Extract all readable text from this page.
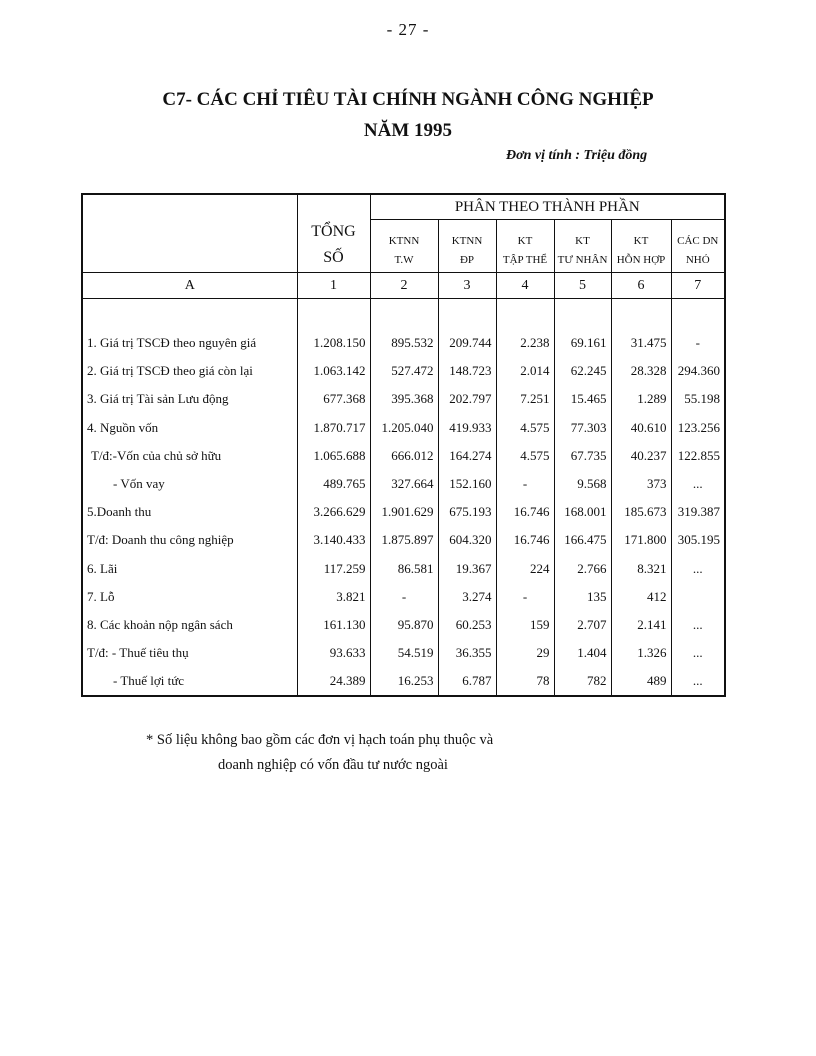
- 27 -
C7- CÁC CHỈ TIÊU TÀI CHÍNH NGÀNH CÔNG NGHIỆP
NĂM 1995
Đơn vị tính : Triệu đồng

	TỔNG
SỐ	PHÂN THEO THÀNH PHẦN					
		KTNN	KTNN	KT	KT	KT	CÁC DN
		T.W	ĐP	TẬP THỂ	TƯ NHÂN	HỖN HỢP	NHỎ
A	1	2	3	4	5	6	7

1. Giá trị TSCĐ theo nguyên giá	1.208.150	895.532	209.744	2.238	69.161	31.475	-
2. Giá trị TSCĐ theo giá còn lại	1.063.142	527.472	148.723	2.014	62.245	28.328	294.360
3. Giá trị Tài sản Lưu động	677.368	395.368	202.797	7.251	15.465	1.289	55.198
4. Nguồn vốn	1.870.717	1.205.040	419.933	4.575	77.303	40.610	123.256
T/đ:-Vốn của chủ sở hữu	1.065.688	666.012	164.274	4.575	67.735	40.237	122.855
- Vốn vay	489.765	327.664	152.160	-	9.568	373	...
5.Doanh thu	3.266.629	1.901.629	675.193	16.746	168.001	185.673	319.387
T/đ: Doanh thu công nghiệp	3.140.433	1.875.897	604.320	16.746	166.475	171.800	305.195
6. Lãi	117.259	86.581	19.367	224	2.766	8.321	...
7. Lỗ	3.821	-	3.274	-	135	412	
8. Các khoản nộp ngân sách	161.130	95.870	60.253	159	2.707	2.141	...
T/đ: - Thuế tiêu thụ	93.633	54.519	36.355	29	1.404	1.326	...
- Thuế lợi tức	24.389	16.253	6.787	78	782	489	...
* Số liệu không bao gồm các đơn vị hạch toán phụ thuộc và
doanh nghiệp có vốn đầu tư nước ngoài
